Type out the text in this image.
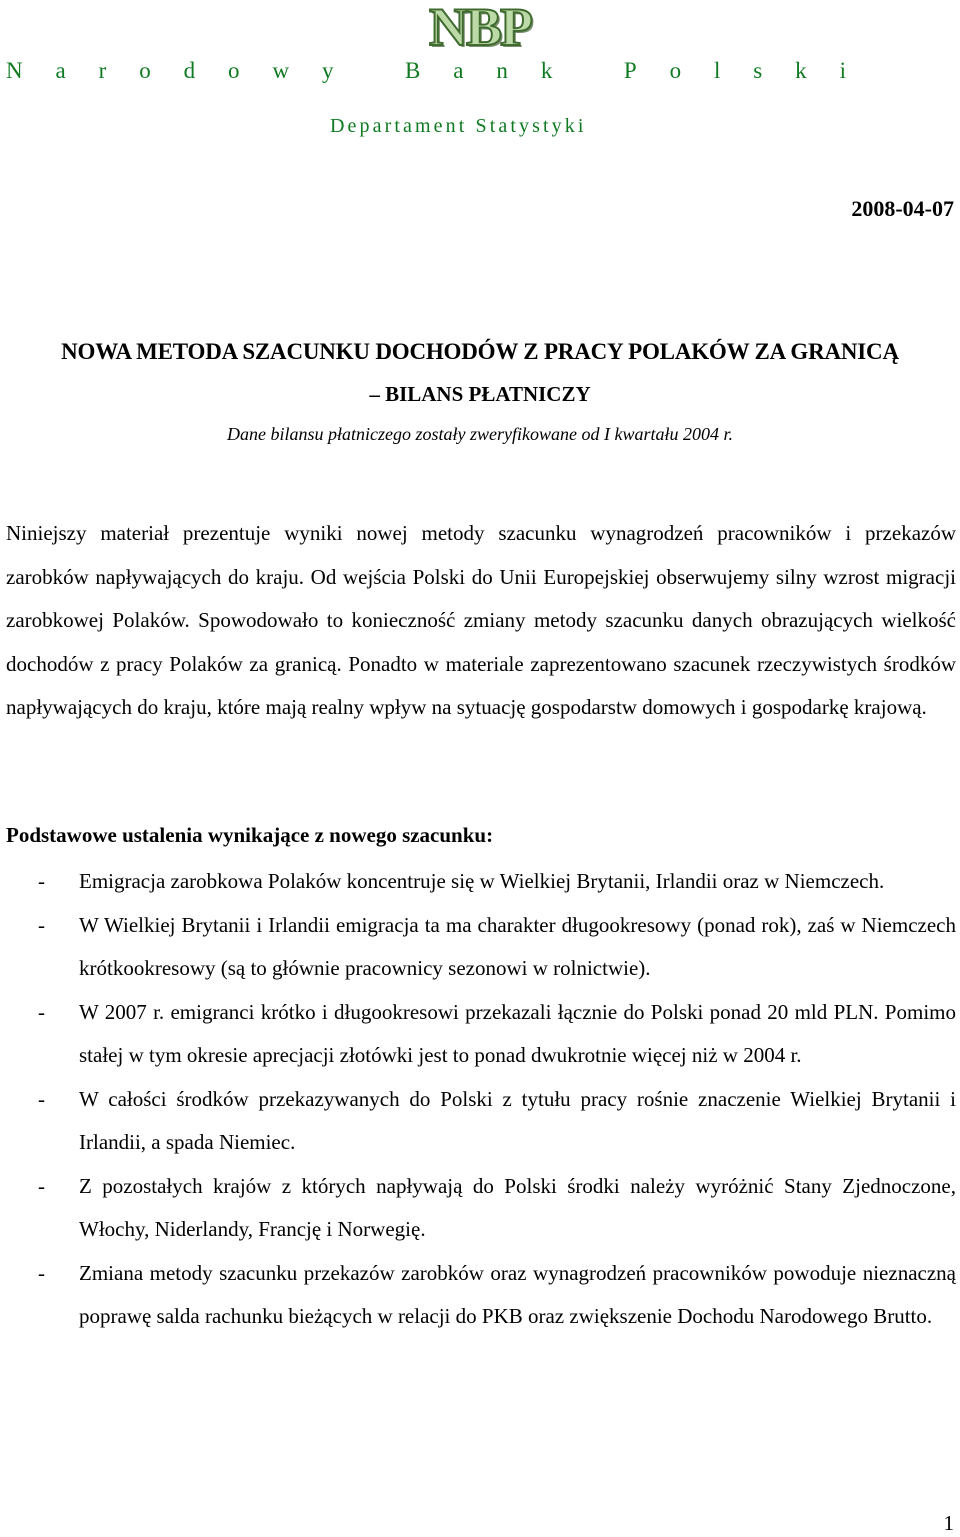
NBP
N a r o d o w y
	B a n k
	P o l s k i
Departament Statystyki
2008-04-07
NOWA METODA SZACUNKU DOCHODÓW Z PRACY POLAKÓW ZA GRANICĄ
– BILANS PŁATNICZY
Dane bilansu płatniczego zostały zweryfikowane od I kwartału 2004 r.
Niniejszy materiał prezentuje wyniki nowej metody szacunku wynagrodzeń pracowników i przekazów zarobków napływających do kraju. Od wejścia Polski do Unii Europejskiej obserwujemy silny wzrost migracji zarobkowej Polaków. Spowodowało to konieczność zmiany metody szacunku danych obrazujących wielkość dochodów z pracy Polaków za granicą. Ponadto w materiale zaprezentowano szacunek rzeczywistych środków napływających do kraju, które mają realny wpływ na sytuację gospodarstw domowych i gospodarkę krajową.
Podstawowe ustalenia wynikające z nowego szacunku:
- Emigracja zarobkowa Polaków koncentruje się w Wielkiej Brytanii, Irlandii oraz w Niemczech.
- W Wielkiej Brytanii i Irlandii emigracja ta ma charakter długookresowy (ponad rok), zaś w Niemczech krótkookresowy (są to głównie pracownicy sezonowi w rolnictwie).
- W 2007 r. emigranci krótko i długookresowi przekazali łącznie do Polski ponad 20 mld PLN. Pomimo stałej w tym okresie aprecjacji złotówki jest to ponad dwukrotnie więcej niż w 2004 r.
- W całości środków przekazywanych do Polski z tytułu pracy rośnie znaczenie Wielkiej Brytanii i Irlandii, a spada Niemiec.
- Z pozostałych krajów z których napływają do Polski środki należy wyróżnić Stany Zjednoczone, Włochy, Niderlandy, Francję i Norwegię.
- Zmiana metody szacunku przekazów zarobków oraz wynagrodzeń pracowników powoduje nieznaczną poprawę salda rachunku bieżących w relacji do PKB oraz zwiększenie Dochodu Narodowego Brutto.
1
